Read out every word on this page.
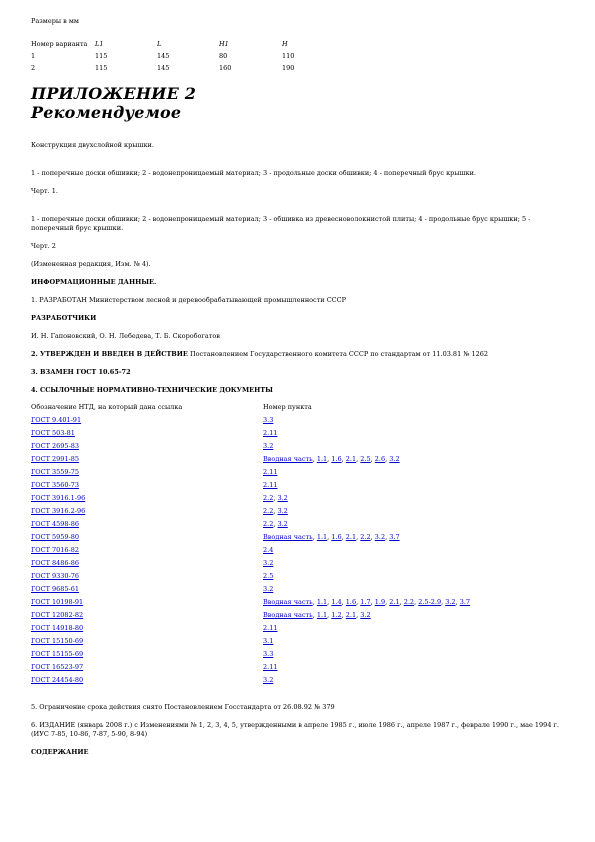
Размеры в мм

Номер варианта	L1	L	H1	H
1	115	145	80	110
2	115	145	160	190
ПРИЛОЖЕНИЕ 2
Рекомендуемое

Конструкция двухслойной крышки.

1 - поперечные доски обшивки; 2 - водонепроницаемый материал; 3 - продольные доски обшивки; 4 - поперечный брус крышки.

Черт. 1.

1 - поперечные доски обшивки; 2 - водонепроницаемый материал; 3 - обшивка из древесноволокнистой плиты; 4 - продольные брус крышки; 5 - поперечный брус крышки.

Черт. 2

(Измененная редакция, Изм. № 4).

ИНФОРМАЦИОННЫЕ ДАННЫЕ.

1. РАЗРАБОТАН Министерством лесной и деревообрабатывающей промышленности СССР

РАЗРАБОТЧИКИ

И. Н. Гапоновский, О. Н. Лебедева, Т. Б. Скоробогатов

2. УТВЕРЖДЕН И ВВЕДЕН В ДЕЙСТВИЕ Постановлением Государственного комитета СССР по стандартам от 11.03.81 № 1262

3. ВЗАМЕН ГОСТ 10.65-72

4. ССЫЛОЧНЫЕ НОРМАТИВНО-ТЕХНИЧЕСКИЕ ДОКУМЕНТЫ

Обозначение НТД, на который дана ссылка	Номер пункта
ГОСТ 9.401-91	3.3
ГОСТ 503-81	2.11
ГОСТ 2695-83	3.2
ГОСТ 2991-85	Вводная часть, 1.1, 1.6, 2.1, 2.5, 2.6, 3.2
ГОСТ 3559-75	2.11
ГОСТ 3560-73	2.11
ГОСТ 3916.1-96	2.2, 3.2
ГОСТ 3916.2-96	2.2, 3.2
ГОСТ 4598-86	2.2, 3.2
ГОСТ 5959-80	Вводная часть, 1.1, 1.6, 2.1, 2.2, 3.2, 3.7
ГОСТ 7016-82	2.4
ГОСТ 8486-86	3.2
ГОСТ 9330-76	2.5
ГОСТ 9685-61	3.2
ГОСТ 10198-91	Вводная часть, 1.1, 1.4, 1.6, 1.7, 1.9, 2.1, 2.2, 2.5-2.9, 3.2, 3.7
ГОСТ 12082-82	Вводная часть, 1.1, 1.2, 2.1, 3.2
ГОСТ 14918-80	2.11
ГОСТ 15150-69	3.1
ГОСТ 15155-69	3.3
ГОСТ 16523-97	2.11
ГОСТ 24454-80	3.2

5. Ограничение срока действия снято Постановлением Госстандарта от 26.08.92 № 379

6. ИЗДАНИЕ (январь 2008 г.) с Изменениями № 1, 2, 3, 4, 5, утвержденными в апреле 1985 г., июле 1986 г., апреле 1987 г., феврале 1990 г., мае 1994 г. (ИУС 7-85, 10-86, 7-87, 5-90, 8-94)

СОДЕРЖАНИЕ
